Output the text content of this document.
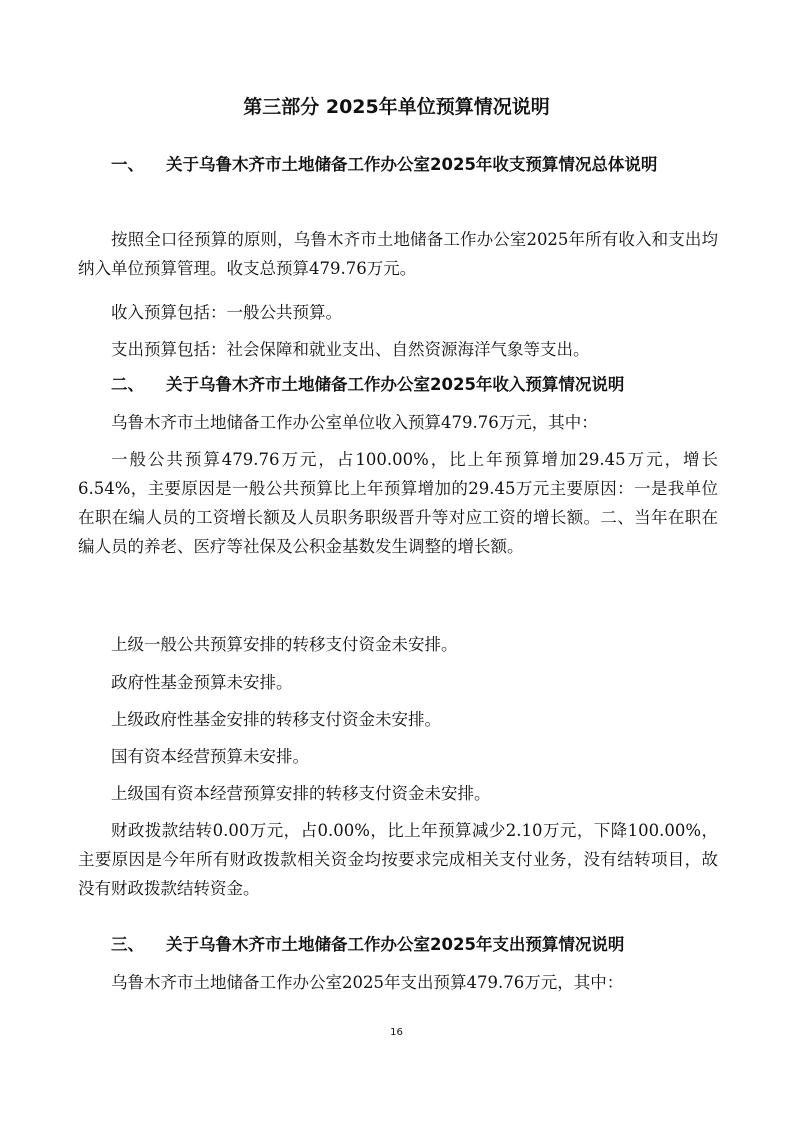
第三部分 2025年单位预算情况说明
一、 关于乌鲁木齐市土地储备工作办公室2025年收支预算情况总体说明

按照全口径预算的原则，乌鲁木齐市土地储备工作办公室2025年所有收入和支出均纳入单位预算管理。收支总预算479.76万元。

收入预算包括：一般公共预算。

支出预算包括：社会保障和就业支出、自然资源海洋气象等支出。

二、 关于乌鲁木齐市土地储备工作办公室2025年收入预算情况说明

乌鲁木齐市土地储备工作办公室单位收入预算479.76万元，其中：

一般公共预算479.76万元，占100.00%，比上年预算增加29.45万元，增长6.54%，主要原因是一般公共预算比上年预算增加的29.45万元主要原因：一是我单位在职在编人员的工资增长额及人员职务职级晋升等对应工资的增长额。二、当年在职在编人员的养老、医疗等社保及公积金基数发生调整的增长额。

上级一般公共预算安排的转移支付资金未安排。

政府性基金预算未安排。

上级政府性基金安排的转移支付资金未安排。

国有资本经营预算未安排。

上级国有资本经营预算安排的转移支付资金未安排。

财政拨款结转0.00万元，占0.00%，比上年预算减少2.10万元，下降100.00%，主要原因是今年所有财政拨款相关资金均按要求完成相关支付业务，没有结转项目，故没有财政拨款结转资金。

三、 关于乌鲁木齐市土地储备工作办公室2025年支出预算情况说明

乌鲁木齐市土地储备工作办公室2025年支出预算479.76万元，其中：

16
